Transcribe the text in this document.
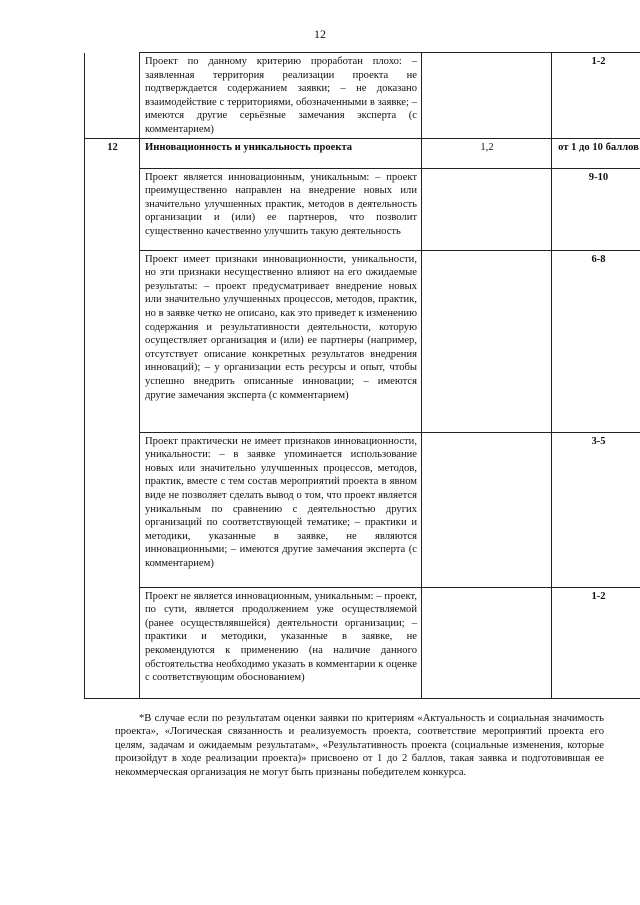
12
	Проект по данному критерию проработан плохо: – заявленная территория реализации проекта не подтверждается содержанием заявки; – не доказано взаимодействие с территориями, обозначенными в заявке; – имеются другие серьёзные замечания эксперта (с комментарием)		1-2
12	Инновационность и уникальность проекта	1,2	от 1 до 10 баллов
	Проект является инновационным, уникальным: – проект преимущественно направлен на внедрение новых или значительно улучшенных практик, методов в деятельность организации и (или) ее партнеров, что позволит существенно качественно улучшить такую деятельность		9-10
	Проект имеет признаки инновационности, уникальности, но эти признаки несущественно влияют на его ожидаемые результаты: – проект предусматривает внедрение новых или значительно улучшенных процессов, методов, практик, но в заявке четко не описано, как это приведет к изменению содержания и результативности деятельности, которую осуществляет организация и (или) ее партнеры (например, отсутствует описание конкретных результатов внедрения инноваций); – у организации есть ресурсы и опыт, чтобы успешно внедрить описанные инновации; – имеются другие замечания эксперта (с комментарием)		6-8
	Проект практически не имеет признаков инновационности, уникальности: – в заявке упоминается использование новых или значительно улучшенных процессов, методов, практик, вместе с тем состав мероприятий проекта в явном виде не позволяет сделать вывод о том, что проект является уникальным по сравнению с деятельностью других организаций по соответствующей тематике; – практики и методики, указанные в заявке, не являются инновационными; – имеются другие замечания эксперта (с комментарием)		3-5
	Проект не является инновационным, уникальным: – проект, по сути, является продолжением уже осуществляемой (ранее осуществлявшейся) деятельности организации; – практики и методики, указанные в заявке, не рекомендуются к применению (на наличие данного обстоятельства необходимо указать в комментарии к оценке с соответствующим обоснованием)		1-2
*В случае если по результатам оценки заявки по критериям «Актуальность и социальная значимость проекта», «Логическая связанность и реализуемость проекта, соответствие мероприятий проекта его целям, задачам и ожидаемым результатам», «Результативность проекта (социальные изменения, которые произойдут в ходе реализации проекта)» присвоено от 1 до 2 баллов, такая заявка и подготовившая ее некоммерческая организация не могут быть признаны победителем конкурса.
